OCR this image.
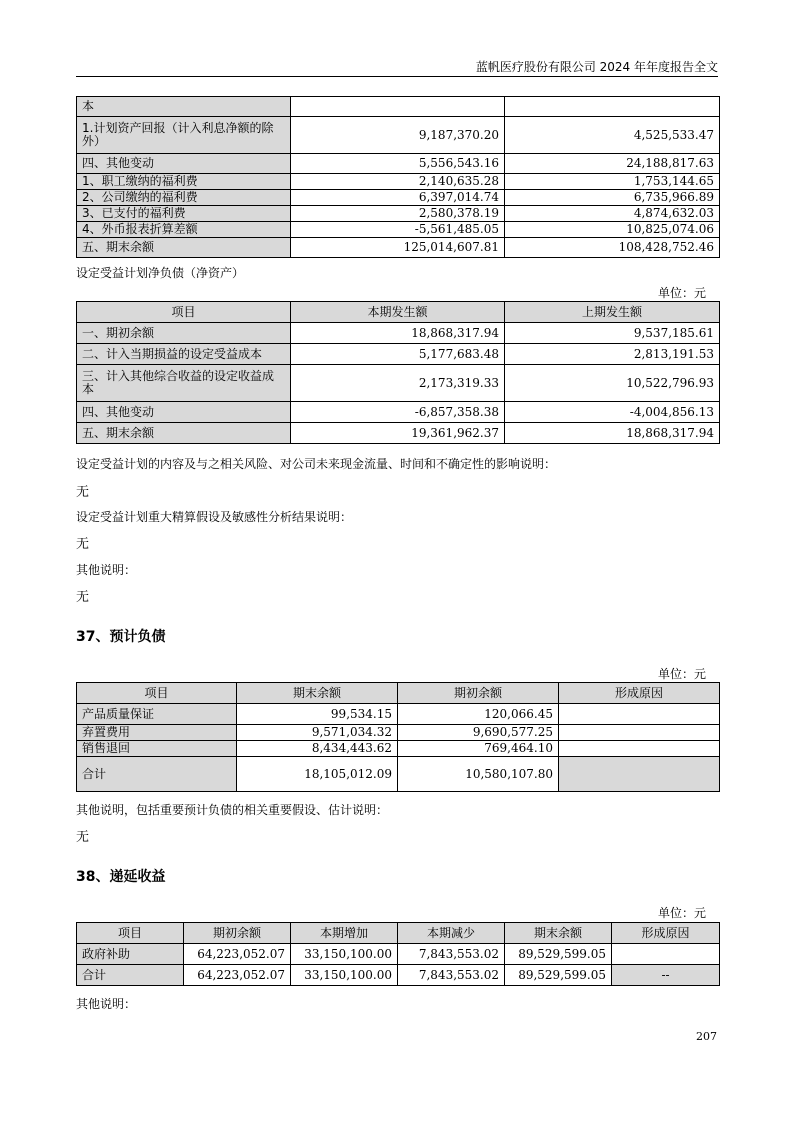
蓝帆医疗股份有限公司 2024 年年度报告全文
本		
1.计划资产回报（计入利息净额的除外）	9,187,370.20	4,525,533.47
四、其他变动	5,556,543.16	24,188,817.63
1、职工缴纳的福利费	2,140,635.28	1,753,144.65
2、公司缴纳的福利费	6,397,014.74	6,735,966.89
3、已支付的福利费	2,580,378.19	4,874,632.03
4、外币报表折算差额	-5,561,485.05	10,825,074.06
五、期末余额	125,014,607.81	108,428,752.46
设定受益计划净负债（净资产）
单位：元
项目	本期发生额	上期发生额
一、期初余额	18,868,317.94	9,537,185.61
二、计入当期损益的设定受益成本	5,177,683.48	2,813,191.53
三、计入其他综合收益的设定收益成本	2,173,319.33	10,522,796.93
四、其他变动	-6,857,358.38	-4,004,856.13
五、期末余额	19,361,962.37	18,868,317.94
设定受益计划的内容及与之相关风险、对公司未来现金流量、时间和不确定性的影响说明：
无
设定受益计划重大精算假设及敏感性分析结果说明：
无
其他说明：
无
37、预计负债
单位：元
项目	期末余额	期初余额	形成原因
产品质量保证	99,534.15	120,066.45	
弃置费用	9,571,034.32	9,690,577.25	
销售退回	8,434,443.62	769,464.10	
合计	18,105,012.09	10,580,107.80	
其他说明，包括重要预计负债的相关重要假设、估计说明：
无
38、递延收益
单位：元
项目	期初余额	本期增加	本期减少	期末余额	形成原因
政府补助	64,223,052.07	33,150,100.00	7,843,553.02	89,529,599.05	
合计	64,223,052.07	33,150,100.00	7,843,553.02	89,529,599.05	--
其他说明：
207
